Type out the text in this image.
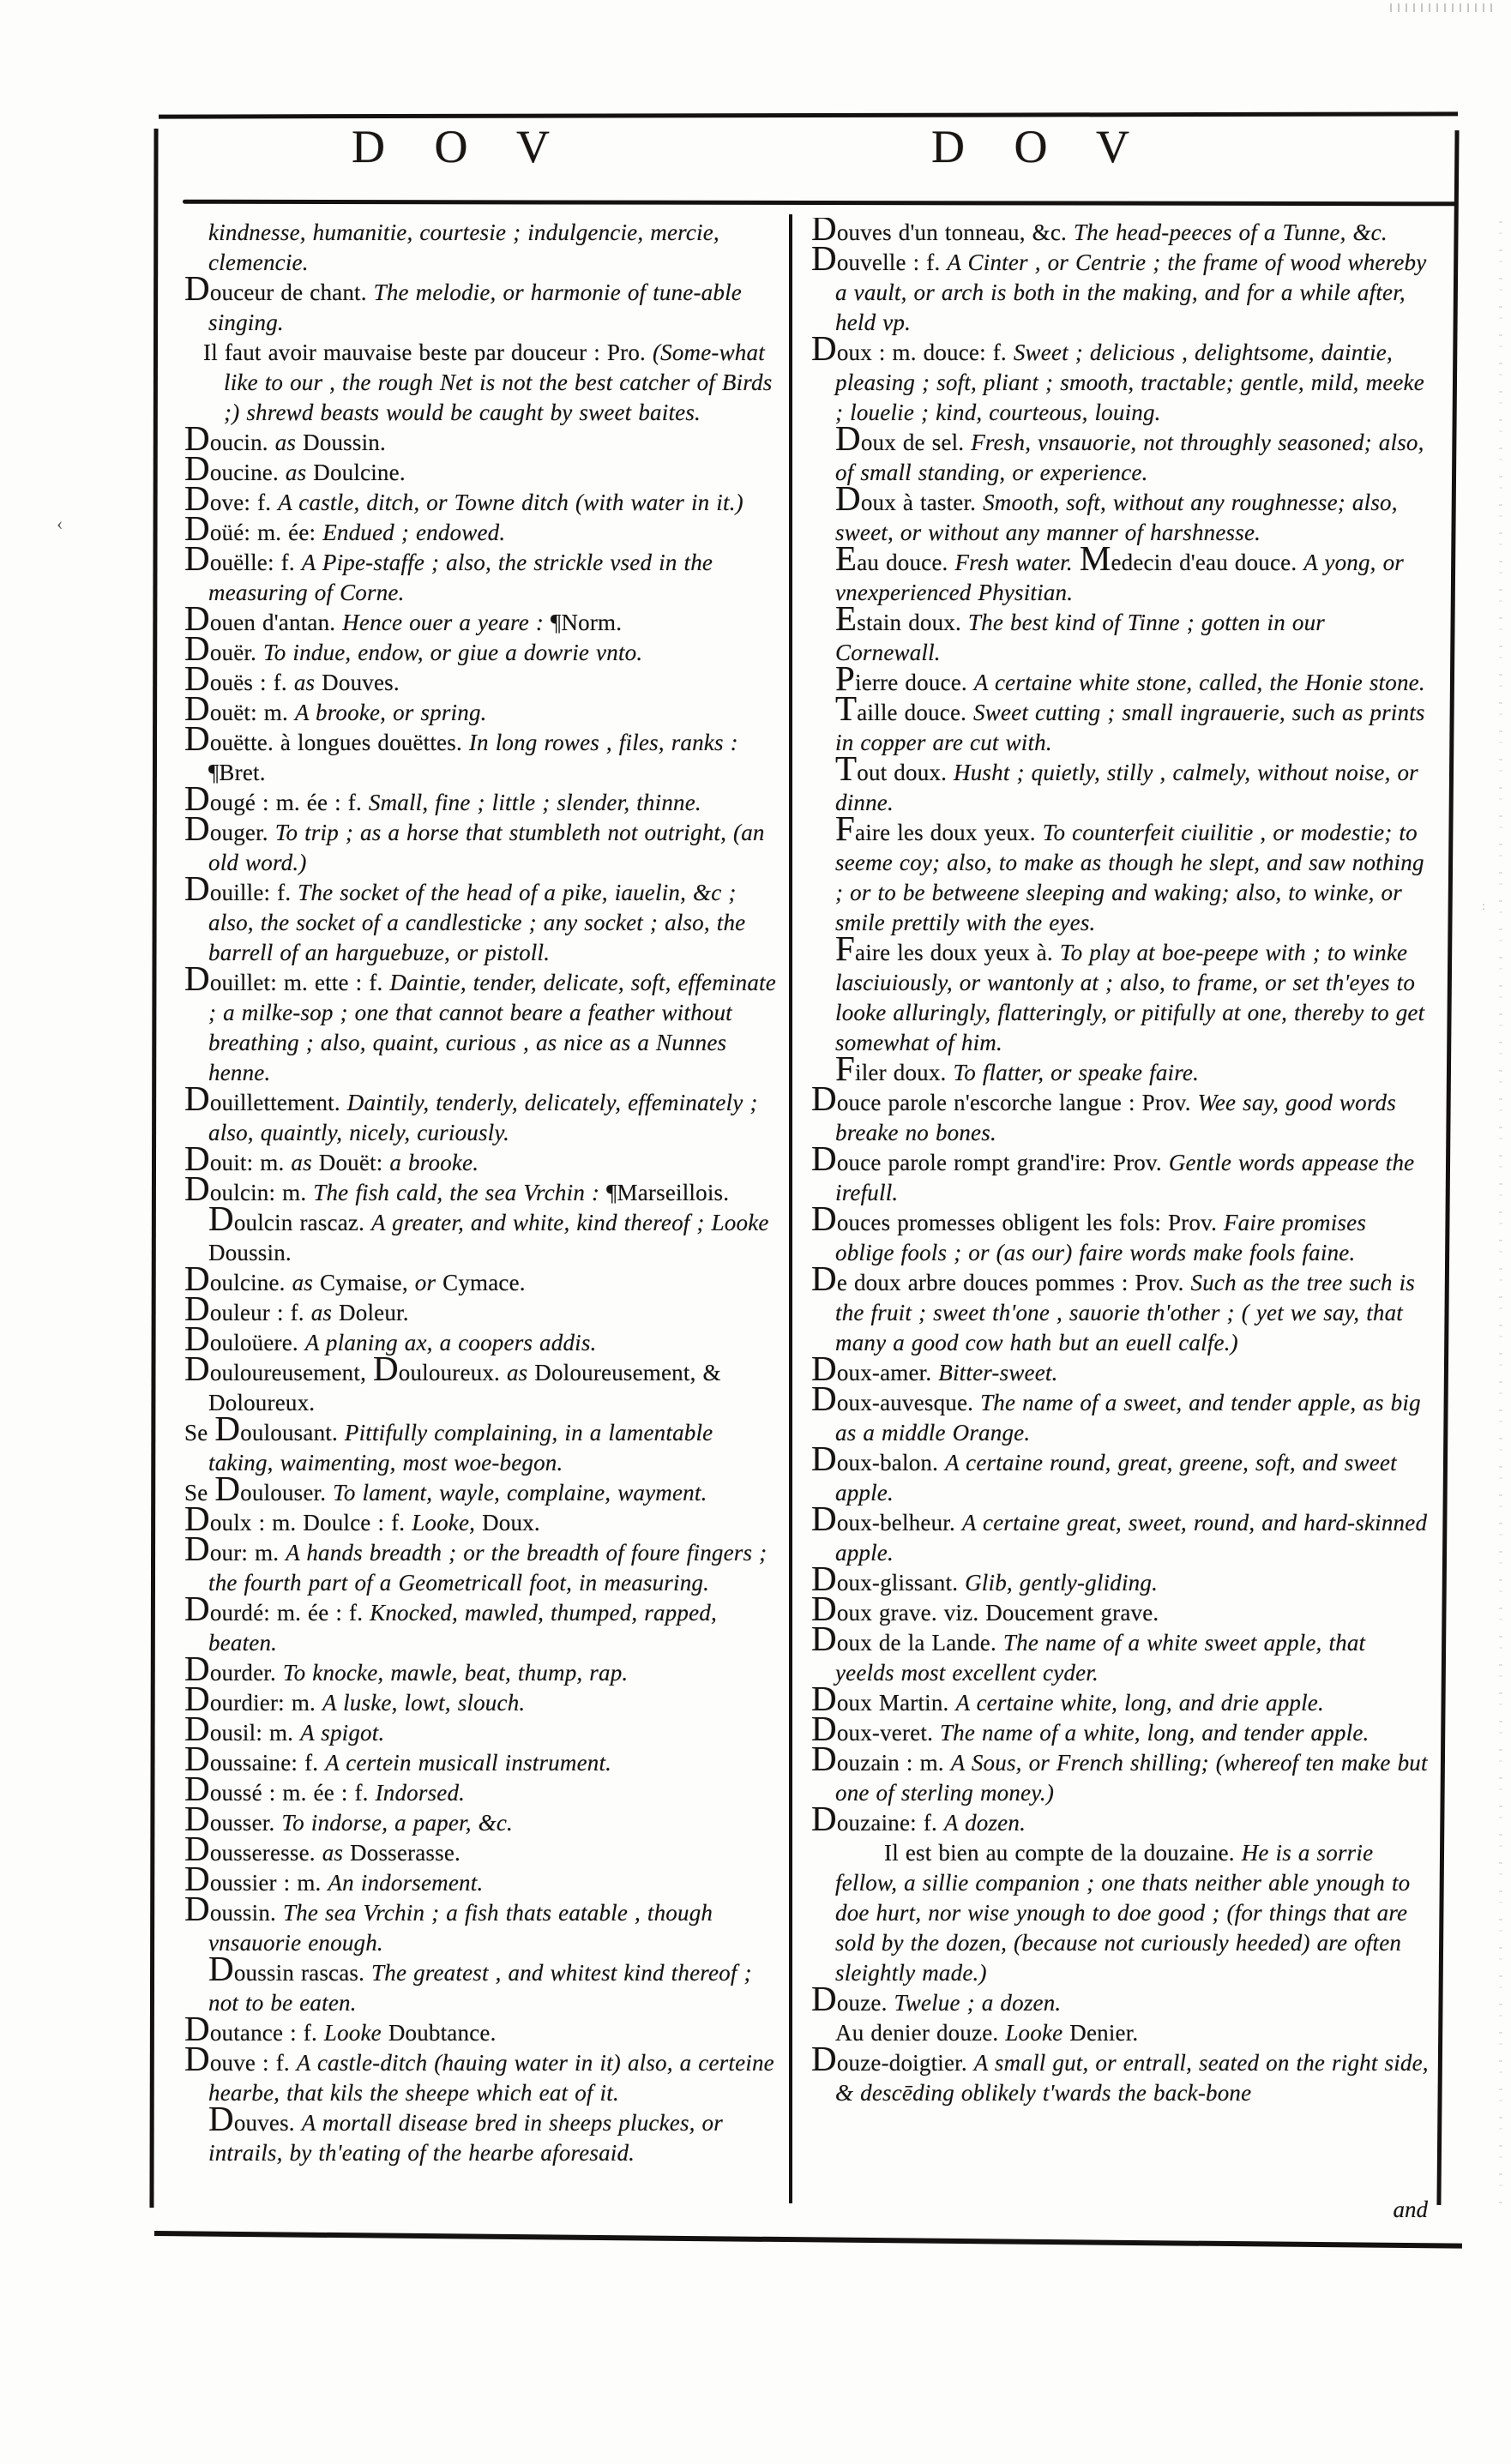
D O V	D O V

kindnesse, humanitie, courtesie ; indulgencie, mercie, clemencie.

Douceur de chant. The melodie, or harmonie of tune-able singing.

Il faut avoir mauvaise beste par douceur : Pro. (Some-what like to our , the rough Net is not the best catcher of Birds ;) shrewd beasts would be caught by sweet baites.

Doucin. as Doussin.

Doucine. as Doulcine.

Dove: f. A castle, ditch, or Towne ditch (with water in it.)

Doüé: m. ée: Endued ; endowed.

Douëlle: f. A Pipe-staffe ; also, the strickle vsed in the measuring of Corne.

Douen d'antan. Hence ouer a yeare : ¶Norm.

Douër. To indue, endow, or giue a dowrie vnto.

Douës : f. as Douves.

Douët: m. A brooke, or spring.

Douëtte. à longues douëttes. In long rowes , files, ranks : ¶Bret.

Dougé : m. ée : f. Small, fine ; little ; slender, thinne.

Douger. To trip ; as a horse that stumbleth not outright, (an old word.)

Douille: f. The socket of the head of a pike, iauelin, &c ; also, the socket of a candlesticke ; any socket ; also, the barrell of an harguebuze, or pistoll.

Douillet: m. ette : f. Daintie, tender, delicate, soft, effeminate ; a milke-sop ; one that cannot beare a feather without breathing ; also, quaint, curious , as nice as a Nunnes henne.

Douillettement. Daintily, tenderly, delicately, effeminately ; also, quaintly, nicely, curiously.

Douit: m. as Douët: a brooke.

Doulcin: m. The fish cald, the sea Vrchin : ¶Marseillois.

Doulcin rascaz. A greater, and white, kind thereof ; Looke Doussin.

Doulcine. as Cymaise, or Cymace.

Douleur : f. as Doleur.

Douloüere. A planing ax, a coopers addis.

Douloureusement, Douloureux. as Doloureusement, & Doloureux.

Se Doulousant. Pittifully complaining, in a lamentable taking, waimenting, most woe-begon.

Se Doulouser. To lament, wayle, complaine, wayment.

Doulx : m. Doulce : f. Looke, Doux.

Dour: m. A hands breadth ; or the breadth of foure fingers ; the fourth part of a Geometricall foot, in measuring.

Dourdé: m. ée : f. Knocked, mawled, thumped, rapped, beaten.

Dourder. To knocke, mawle, beat, thump, rap.

Dourdier: m. A luske, lowt, slouch.

Dousil: m. A spigot.

Doussaine: f. A certein musicall instrument.

Doussé : m. ée : f. Indorsed.

Dousser. To indorse, a paper, &c.

Dousseresse. as Dosserasse.

Doussier : m. An indorsement.

Doussin. The sea Vrchin ; a fish thats eatable , though vnsauorie enough.

Doussin rascas. The greatest , and whitest kind thereof ; not to be eaten.

Doutance : f. Looke Doubtance.

Douve : f. A castle-ditch (hauing water in it) also, a certeine hearbe, that kils the sheepe which eat of it.

Douves. A mortall disease bred in sheeps pluckes, or intrails, by th'eating of the hearbe aforesaid.

Douves d'un tonneau, &c. The head-peeces of a Tunne, &c.

Douvelle : f. A Cinter , or Centrie ; the frame of wood whereby a vault, or arch is both in the making, and for a while after, held vp.

Doux : m. douce: f. Sweet ; delicious , delightsome, daintie, pleasing ; soft, pliant ; smooth, tractable; gentle, mild, meeke ; louelie ; kind, courteous, louing.

Doux de sel. Fresh, vnsauorie, not throughly seasoned; also, of small standing, or experience.

Doux à taster. Smooth, soft, without any roughnesse; also, sweet, or without any manner of harshnesse.

Eau douce. Fresh water. Medecin d'eau douce. A yong, or vnexperienced Physitian.

Estain doux. The best kind of Tinne ; gotten in our Cornewall.

Pierre douce. A certaine white stone, called, the Honie stone.

Taille douce. Sweet cutting ; small ingrauerie, such as prints in copper are cut with.

Tout doux. Husht ; quietly, stilly , calmely, without noise, or dinne.

Faire les doux yeux. To counterfeit ciuilitie , or modestie; to seeme coy; also, to make as though he slept, and saw nothing ; or to be betweene sleeping and waking; also, to winke, or smile prettily with the eyes.

Faire les doux yeux à. To play at boe-peepe with ; to winke lasciuiously, or wantonly at ; also, to frame, or set th'eyes to looke alluringly, flatteringly, or pitifully at one, thereby to get somewhat of him.

Filer doux. To flatter, or speake faire.

Douce parole n'escorche langue : Prov. Wee say, good words breake no bones.

Douce parole rompt grand'ire: Prov. Gentle words appease the irefull.

Douces promesses obligent les fols: Prov. Faire promises oblige fools ; or (as our) faire words make fools faine.

De doux arbre douces pommes : Prov. Such as the tree such is the fruit ; sweet th'one , sauorie th'other ; ( yet we say, that many a good cow hath but an euell calfe.)

Doux-amer. Bitter-sweet.

Doux-auvesque. The name of a sweet, and tender apple, as big as a middle Orange.

Doux-balon. A certaine round, great, greene, soft, and sweet apple.

Doux-belheur. A certaine great, sweet, round, and hard-skinned apple.

Doux-glissant. Glib, gently-gliding.

Doux grave. viz. Doucement grave.

Doux de la Lande. The name of a white sweet apple, that yeelds most excellent cyder.

Doux Martin. A certaine white, long, and drie apple.

Doux-veret. The name of a white, long, and tender apple.

Douzain : m. A Sous, or French shilling; (whereof ten make but one of sterling money.)

Douzaine: f. A dozen.

Il est bien au compte de la douzaine. He is a sorrie fellow, a sillie companion ; one thats neither able ynough to doe hurt, nor wise ynough to doe good ; (for things that are sold by the dozen, (because not curiously heeded) are often sleightly made.)

Douze. Twelue ; a dozen.

Au denier douze. Looke Denier.

Douze-doigtier. A small gut, or entrall, seated on the right side, & descēding oblikely t'wards the back-bone

and
‹
:
